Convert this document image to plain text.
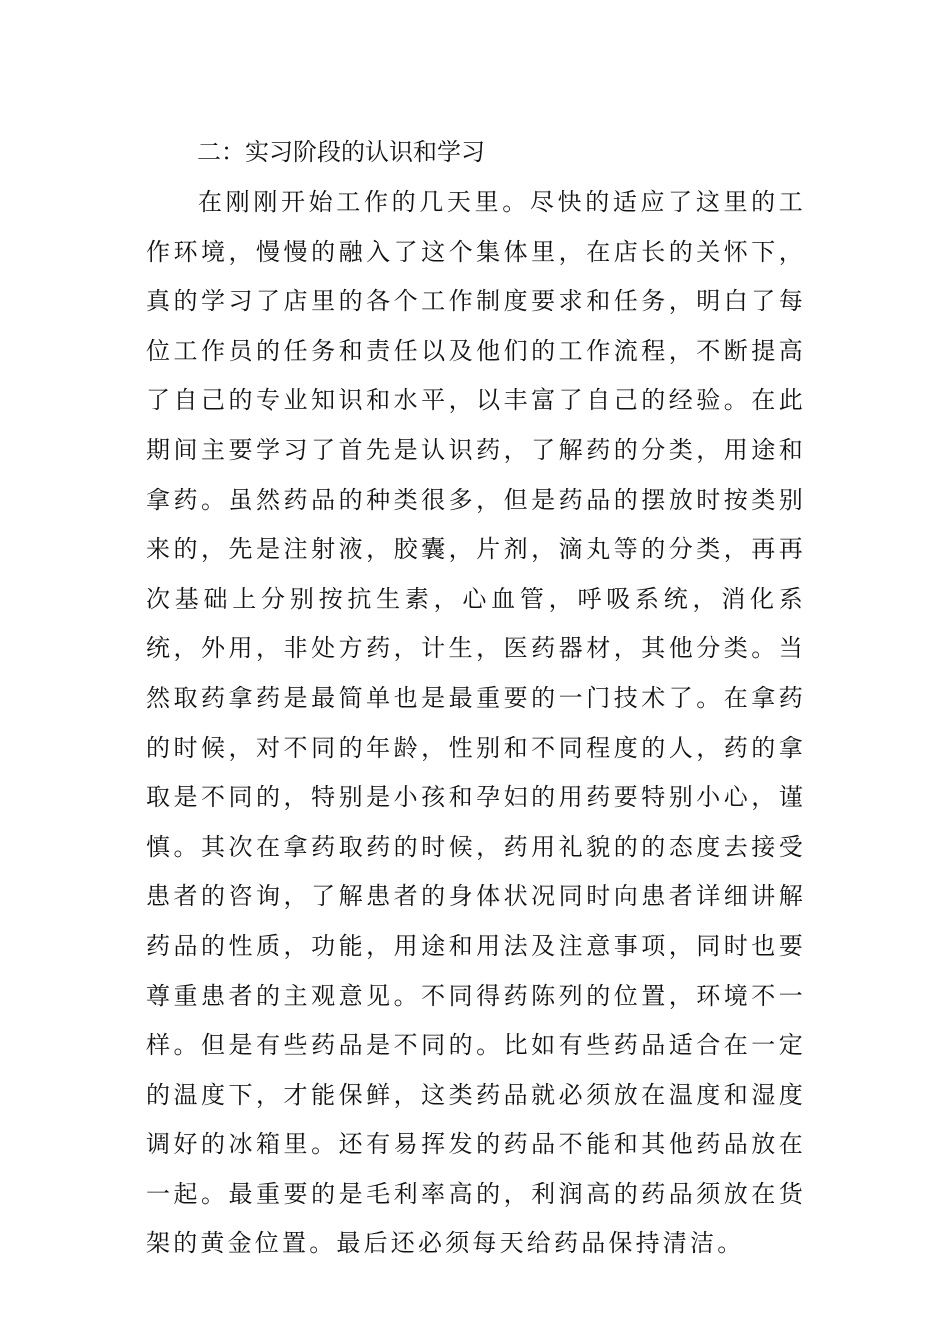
二：实习阶段的认识和学习

在刚刚开始工作的几天里。尽快的适应了这里的工作环境，慢慢的融入了这个集体里，在店长的关怀下，真的学习了店里的各个工作制度要求和任务，明白了每位工作员的任务和责任以及他们的工作流程，不断提高了自己的专业知识和水平，以丰富了自己的经验。在此期间主要学习了首先是认识药，了解药的分类，用途和拿药。虽然药品的种类很多，但是药品的摆放时按类别来的，先是注射液，胶囊，片剂，滴丸等的分类，再再次基础上分别按抗生素，心血管，呼吸系统，消化系统，外用，非处方药，计生，医药器材，其他分类。当然取药拿药是最简单也是最重要的一门技术了。在拿药的时候，对不同的年龄，性别和不同程度的人，药的拿取是不同的，特别是小孩和孕妇的用药要特别小心，谨慎。其次在拿药取药的时候，药用礼貌的的态度去接受患者的咨询，了解患者的身体状况同时向患者详细讲解药品的性质，功能，用途和用法及注意事项，同时也要尊重患者的主观意见。不同得药陈列的位置，环境不一样。但是有些药品是不同的。比如有些药品适合在一定的温度下，才能保鲜，这类药品就必须放在温度和湿度调好的冰箱里。还有易挥发的药品不能和其他药品放在一起。最重要的是毛利率高的，利润高的药品须放在货架的黄金位置。最后还必须每天给药品保持清洁。
